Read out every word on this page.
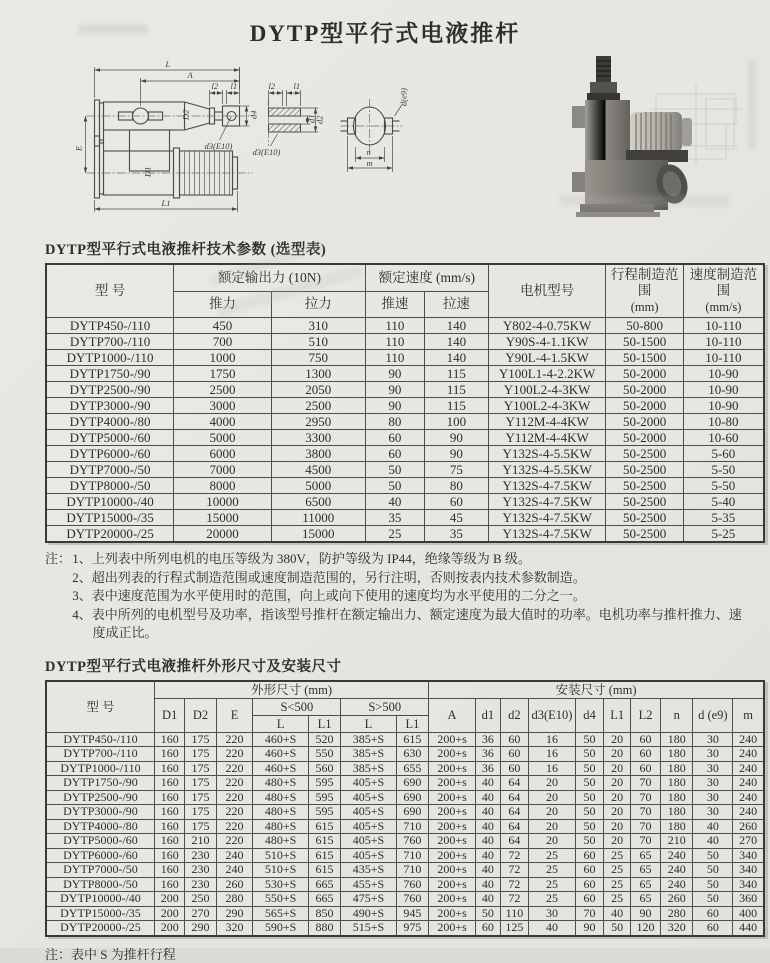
DYTP型平行式电液推杆
L
A
l2 l1
E
D2
D1
d4
d3(E10)
L1
l2 l1
d3(E10)
d1
d2
n
m
d(e9)
DYTP型平行式电液推杆技术参数 (选型表)
型 号	额定输出力 (10N)	额定速度 (mm/s)	电机型号	
行程制造范围
(mm)

速度制造范围
(mm/s)

	推力	拉力	推速	拉速			
DYTP450-/110	450	310	110	140	Y802-4-0.75KW	50-800	10-110
DYTP700-/110	700	510	110	140	Y90S-4-1.1KW	50-1500	10-110
DYTP1000-/110	1000	750	110	140	Y90L-4-1.5KW	50-1500	10-110
DYTP1750-/90	1750	1300	90	115	Y100L1-4-2.2KW	50-2000	10-90
DYTP2500-/90	2500	2050	90	115	Y100L2-4-3KW	50-2000	10-90
DYTP3000-/90	3000	2500	90	115	Y100L2-4-3KW	50-2000	10-90
DYTP4000-/80	4000	2950	80	100	Y112M-4-4KW	50-2000	10-80
DYTP5000-/60	5000	3300	60	90	Y112M-4-4KW	50-2000	10-60
DYTP6000-/60	6000	3800	60	90	Y132S-4-5.5KW	50-2500	5-60
DYTP7000-/50	7000	4500	50	75	Y132S-4-5.5KW	50-2500	5-50
DYTP8000-/50	8000	5000	50	80	Y132S-4-7.5KW	50-2500	5-50
DYTP10000-/40	10000	6500	40	60	Y132S-4-7.5KW	50-2500	5-40
DYTP15000-/35	15000	11000	35	45	Y132S-4-7.5KW	50-2500	5-35
DYTP20000-/25	20000	15000	25	35	Y132S-4-7.5KW	50-2500	5-25
注： 1、上列表中所列电机的电压等级为 380V，防护等级为 IP44，绝缘等级为 B 级。
2、超出列表的行程式制造范围或速度制造范围的，另行注明，否则按表内技术参数制造。
3、表中速度范围为水平使用时的范围，向上或向下使用的速度均为水平使用的二分之一。
4、表中所列的电机型号及功率，指该型号推杆在额定输出力、额定速度为最大值时的功率。电机功率与推杆推力、速度成正比。
DYTP型平行式电液推杆外形尺寸及安装尺寸
型 号	外形尺寸 (mm)							安装尺寸 (mm)									
	D1	D2	E	S<500		S>500		A	d1	d2	d3(E10)	d4	L1	L2	n	d (e9)	m
				L	L1	L	L1										
DYTP450-/110	160	175	220	460+S	520	385+S	615	200+s	36	60	16	50	20	60	180	30	240
DYTP700-/110	160	175	220	460+S	550	385+S	630	200+s	36	60	16	50	20	60	180	30	240
DYTP1000-/110	160	175	220	460+S	560	385+S	655	200+s	36	60	16	50	20	60	180	30	240
DYTP1750-/90	160	175	220	480+S	595	405+S	690	200+s	40	64	20	50	20	70	180	30	240
DYTP2500-/90	160	175	220	480+S	595	405+S	690	200+s	40	64	20	50	20	70	180	30	240
DYTP3000-/90	160	175	220	480+S	595	405+S	690	200+s	40	64	20	50	20	70	180	30	240
DYTP4000-/80	160	175	220	480+S	615	405+S	710	200+s	40	64	20	50	20	70	180	40	260
DYTP5000-/60	160	210	220	480+S	615	405+S	760	200+s	40	64	20	50	20	70	210	40	270
DYTP6000-/60	160	230	240	510+S	615	405+S	710	200+s	40	72	25	60	25	65	240	50	340
DYTP7000-/50	160	230	240	510+S	615	435+S	710	200+s	40	72	25	60	25	65	240	50	340
DYTP8000-/50	160	230	260	530+S	665	455+S	760	200+s	40	72	25	60	25	65	240	50	340
DYTP10000-/40	200	250	280	550+S	665	475+S	760	200+s	40	72	25	60	25	65	260	50	360
DYTP15000-/35	200	270	290	565+S	850	490+S	945	200+s	50	110	30	70	40	90	280	60	400
DYTP20000-/25	200	290	320	590+S	880	515+S	975	200+s	60	125	40	90	50	120	320	60	440
注：表中 S 为推杆行程
